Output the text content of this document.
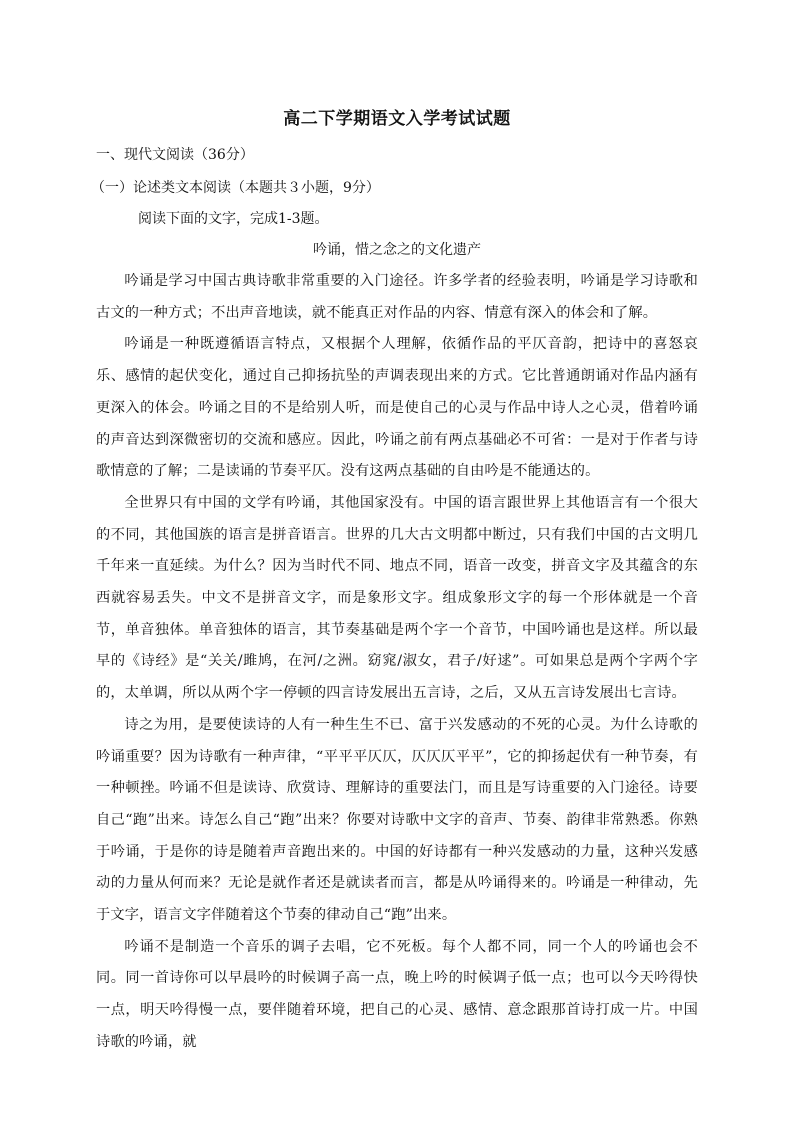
高二下学期语文入学考试试题
一、现代文阅读（36分）
（一）论述类文本阅读（本题共３小题，9分）
阅读下面的文字，完成1-3题。
吟诵，惜之念之的文化遗产

吟诵是学习中国古典诗歌非常重要的入门途径。许多学者的经验表明，吟诵是学习诗歌和古文的一种方式；不出声音地读，就不能真正对作品的内容、情意有深入的体会和了解。

吟诵是一种既遵循语言特点，又根据个人理解，依循作品的平仄音韵，把诗中的喜怒哀乐、感情的起伏变化，通过自己抑扬抗坠的声调表现出来的方式。它比普通朗诵对作品内涵有更深入的体会。吟诵之目的不是给别人听，而是使自己的心灵与作品中诗人之心灵，借着吟诵的声音达到深微密切的交流和感应。因此，吟诵之前有两点基础必不可省：一是对于作者与诗歌情意的了解；二是读诵的节奏平仄。没有这两点基础的自由吟是不能通达的。

全世界只有中国的文学有吟诵，其他国家没有。中国的语言跟世界上其他语言有一个很大的不同，其他国族的语言是拼音语言。世界的几大古文明都中断过，只有我们中国的古文明几千年来一直延续。为什么？因为当时代不同、地点不同，语音一改变，拼音文字及其蕴含的东西就容易丢失。中文不是拼音文字，而是象形文字。组成象形文字的每一个形体就是一个音节，单音独体。单音独体的语言，其节奏基础是两个字一个音节，中国吟诵也是这样。所以最早的《诗经》是“关关/雎鸠，在河/之洲。窈窕/淑女，君子/好逑”。可如果总是两个字两个字的，太单调，所以从两个字一停顿的四言诗发展出五言诗，之后，又从五言诗发展出七言诗。

诗之为用，是要使读诗的人有一种生生不已、富于兴发感动的不死的心灵。为什么诗歌的吟诵重要？因为诗歌有一种声律，“平平平仄仄，仄仄仄平平”，它的抑扬起伏有一种节奏，有一种顿挫。吟诵不但是读诗、欣赏诗、理解诗的重要法门，而且是写诗重要的入门途径。诗要自己“跑”出来。诗怎么自己“跑”出来？你要对诗歌中文字的音声、节奏、韵律非常熟悉。你熟于吟诵，于是你的诗是随着声音跑出来的。中国的好诗都有一种兴发感动的力量，这种兴发感动的力量从何而来？无论是就作者还是就读者而言，都是从吟诵得来的。吟诵是一种律动，先于文字，语言文字伴随着这个节奏的律动自己“跑”出来。

吟诵不是制造一个音乐的调子去唱，它不死板。每个人都不同，同一个人的吟诵也会不同。同一首诗你可以早晨吟的时候调子高一点，晚上吟的时候调子低一点；也可以今天吟得快一点，明天吟得慢一点，要伴随着环境，把自己的心灵、感情、意念跟那首诗打成一片。中国诗歌的吟诵，就
